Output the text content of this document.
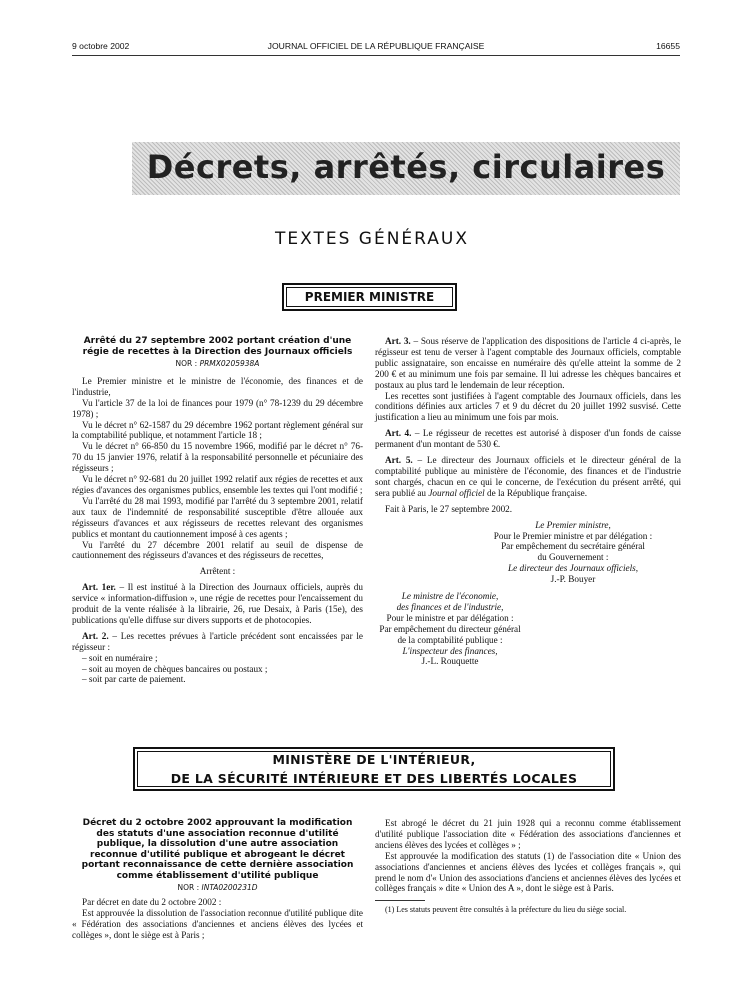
9 octobre 2002	JOURNAL OFFICIEL DE LA RÉPUBLIQUE FRANÇAISE	16655
Décrets, arrêtés, circulaires
TEXTES GÉNÉRAUX
PREMIER MINISTRE
Arrêté du 27 septembre 2002 portant création d'une régie de recettes à la Direction des Journaux officiels
NOR : PRMX0205938A

Le Premier ministre et le ministre de l'économie, des finances et de l'industrie,

Vu l'article 37 de la loi de finances pour 1979 (n° 78-1239 du 29 décembre 1978) ;

Vu le décret n° 62-1587 du 29 décembre 1962 portant règlement général sur la comptabilité publique, et notamment l'article 18 ;

Vu le décret n° 66-850 du 15 novembre 1966, modifié par le décret n° 76-70 du 15 janvier 1976, relatif à la responsabilité personnelle et pécuniaire des régisseurs ;

Vu le décret n° 92-681 du 20 juillet 1992 relatif aux régies de recettes et aux régies d'avances des organismes publics, ensemble les textes qui l'ont modifié ;

Vu l'arrêté du 28 mai 1993, modifié par l'arrêté du 3 septembre 2001, relatif aux taux de l'indemnité de responsabilité susceptible d'être allouée aux régisseurs d'avances et aux régisseurs de recettes relevant des organismes publics et montant du cautionnement imposé à ces agents ;

Vu l'arrêté du 27 décembre 2001 relatif au seuil de dispense de cautionnement des régisseurs d'avances et des régisseurs de recettes,

Arrêtent :

Art. 1er. – Il est institué à la Direction des Journaux officiels, auprès du service « information-diffusion », une régie de recettes pour l'encaissement du produit de la vente réalisée à la librairie, 26, rue Desaix, à Paris (15e), des publications qu'elle diffuse sur divers supports et de photocopies.

Art. 2. – Les recettes prévues à l'article précédent sont encaissées par le régisseur :

– soit en numéraire ;

– soit au moyen de chèques bancaires ou postaux ;

– soit par carte de paiement.

Art. 3. – Sous réserve de l'application des dispositions de l'article 4 ci-après, le régisseur est tenu de verser à l'agent comptable des Journaux officiels, comptable public assignataire, son encaisse en numéraire dès qu'elle atteint la somme de 2 200 € et au minimum une fois par semaine. Il lui adresse les chèques bancaires et postaux au plus tard le lendemain de leur réception.

Les recettes sont justifiées à l'agent comptable des Journaux officiels, dans les conditions définies aux articles 7 et 9 du décret du 20 juillet 1992 susvisé. Cette justification a lieu au minimum une fois par mois.

Art. 4. – Le régisseur de recettes est autorisé à disposer d'un fonds de caisse permanent d'un montant de 530 €.

Art. 5. – Le directeur des Journaux officiels et le directeur général de la comptabilité publique au ministère de l'économie, des finances et de l'industrie sont chargés, chacun en ce qui le concerne, de l'exécution du présent arrêté, qui sera publié au Journal officiel de la République française.

Fait à Paris, le 27 septembre 2002.

Le Premier ministre,
Pour le Premier ministre et par délégation :
Par empêchement du secrétaire général
du Gouvernement :
Le directeur des Journaux officiels,
J.-P. Bouyer
Le ministre de l'économie,
des finances et de l'industrie,
Pour le ministre et par délégation :
Par empêchement du directeur général
de la comptabilité publique :
L'inspecteur des finances,
J.-L. Rouquette
MINISTÈRE DE L'INTÉRIEUR,
DE LA SÉCURITÉ INTÉRIEURE ET DES LIBERTÉS LOCALES
Décret du 2 octobre 2002 approuvant la modification des statuts d'une association reconnue d'utilité publique, la dissolution d'une autre association reconnue d'utilité publique et abrogeant le décret portant reconnaissance de cette dernière association comme établissement d'utilité publique
NOR : INTA0200231D

Par décret en date du 2 octobre 2002 :

Est approuvée la dissolution de l'association reconnue d'utilité publique dite « Fédération des associations d'anciennes et anciens élèves des lycées et collèges », dont le siège est à Paris ;

Est abrogé le décret du 21 juin 1928 qui a reconnu comme établissement d'utilité publique l'association dite « Fédération des associations d'anciennes et anciens élèves des lycées et collèges » ;

Est approuvée la modification des statuts (1) de l'association dite « Union des associations d'anciennes et anciens élèves des lycées et collèges français », qui prend le nom d'« Union des associations d'anciens et anciennes élèves des lycées et collèges français » dite « Union des A », dont le siège est à Paris.

(1) Les statuts peuvent être consultés à la préfecture du lieu du siège social.
